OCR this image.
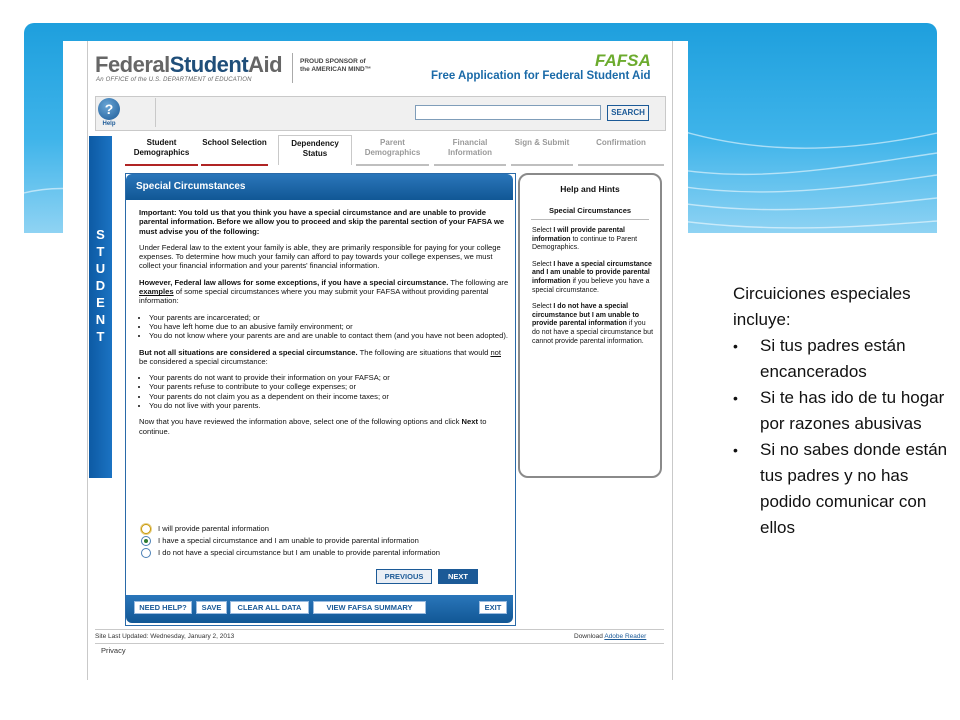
FederalStudentAid
An OFFICE of the U.S. DEPARTMENT of EDUCATION
PROUD SPONSOR of
the AMERICAN MIND™	FAFSA
Free Application for Federal Student Aid
?
Help
SEARCH
S
T
U
D
E
N
T
Student Demographics
School Selection	Dependency Status
Parent Demographics
Financial Information
Sign & Submit	Confirmation
Special Circumstances

Important: You told us that you think you have a special circumstance and are unable to provide parental information. Before we allow you to proceed and skip the parental section of your FAFSA we must advise you of the following:

Under Federal law to the extent your family is able, they are primarily responsible for paying for your college expenses. To determine how much your family can afford to pay towards your college expenses, we must collect your financial information and your parents' financial information.

However, Federal law allows for some exceptions, if you have a special circumstance. The following are examples of some special circumstances where you may submit your FAFSA without providing parental information:

• Your parents are incarcerated; or
• You have left home due to an abusive family environment; or
• You do not know where your parents are and are unable to contact them (and you have not been adopted).

But not all situations are considered a special circumstance. The following are situations that would not be considered a special circumstance:

• Your parents do not want to provide their information on your FAFSA; or
• Your parents refuse to contribute to your college expenses; or
• Your parents do not claim you as a dependent on their income taxes; or
• You do not live with your parents.

Now that you have reviewed the information above, select one of the following options and click Next to continue.

I will provide parental information
I have a special circumstance and I am unable to provide parental information
I do not have a special circumstance but I am unable to provide parental information
PREVIOUS	NEXT
NEED HELP?	SAVE	CLEAR ALL DATA	VIEW FAFSA SUMMARY	EXIT
Help and Hints
Special Circumstances

Select I will provide parental information to continue to Parent Demographics.

Select I have a special circumstance and I am unable to provide parental information if you believe you have a special circumstance.

Select I do not have a special circumstance but I am unable to provide parental information if you do not have a special circumstance but cannot provide parental information.

Site Last Updated: Wednesday, January 2, 2013	Download Adobe Reader
Privacy
Circuiciones especiales incluye:
• Si tus padres están encancerados
• Si te has ido de tu hogar por razones abusivas
• Si no sabes donde están tus padres y no has podido comunicar con ellos
